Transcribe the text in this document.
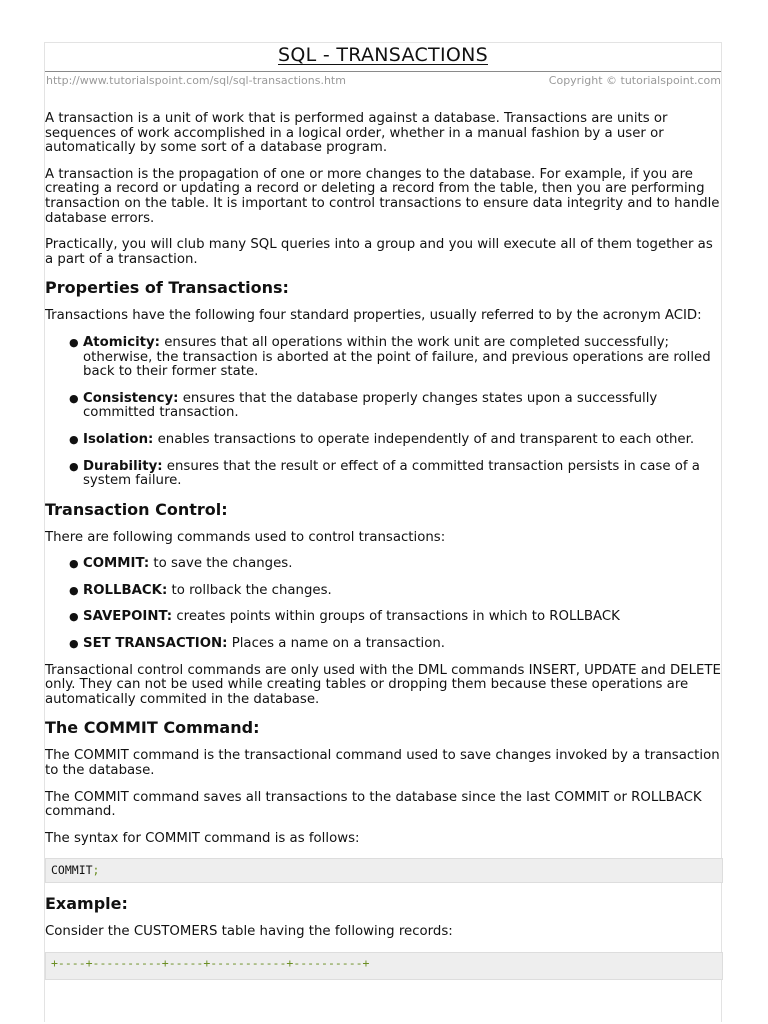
SQL - TRANSACTIONS
http://www.tutorialspoint.com/sql/sql-transactions.htm	Copyright © tutorialspoint.com

A transaction is a unit of work that is performed against a database. Transactions are units or sequences of work accomplished in a logical order, whether in a manual fashion by a user or automatically by some sort of a database program.

A transaction is the propagation of one or more changes to the database. For example, if you are creating a record or updating a record or deleting a record from the table, then you are performing transaction on the table. It is important to control transactions to ensure data integrity and to handle database errors.

Practically, you will club many SQL queries into a group and you will execute all of them together as a part of a transaction.

Properties of Transactions:

Transactions have the following four standard properties, usually referred to by the acronym ACID:

● Atomicity: ensures that all operations within the work unit are completed successfully; otherwise, the transaction is aborted at the point of failure, and previous operations are rolled back to their former state.
● Consistency: ensures that the database properly changes states upon a successfully committed transaction.
● Isolation: enables transactions to operate independently of and transparent to each other.
● Durability: ensures that the result or effect of a committed transaction persists in case of a system failure.
Transaction Control:

There are following commands used to control transactions:

● COMMIT: to save the changes.
● ROLLBACK: to rollback the changes.
● SAVEPOINT: creates points within groups of transactions in which to ROLLBACK
● SET TRANSACTION: Places a name on a transaction.

Transactional control commands are only used with the DML commands INSERT, UPDATE and DELETE only. They can not be used while creating tables or dropping them because these operations are automatically commited in the database.

The COMMIT Command:

The COMMIT command is the transactional command used to save changes invoked by a transaction to the database.

The COMMIT command saves all transactions to the database since the last COMMIT or ROLLBACK command.

The syntax for COMMIT command is as follows:

COMMIT;
Example:

Consider the CUSTOMERS table having the following records:

+----+----------+-----+-----------+----------+
